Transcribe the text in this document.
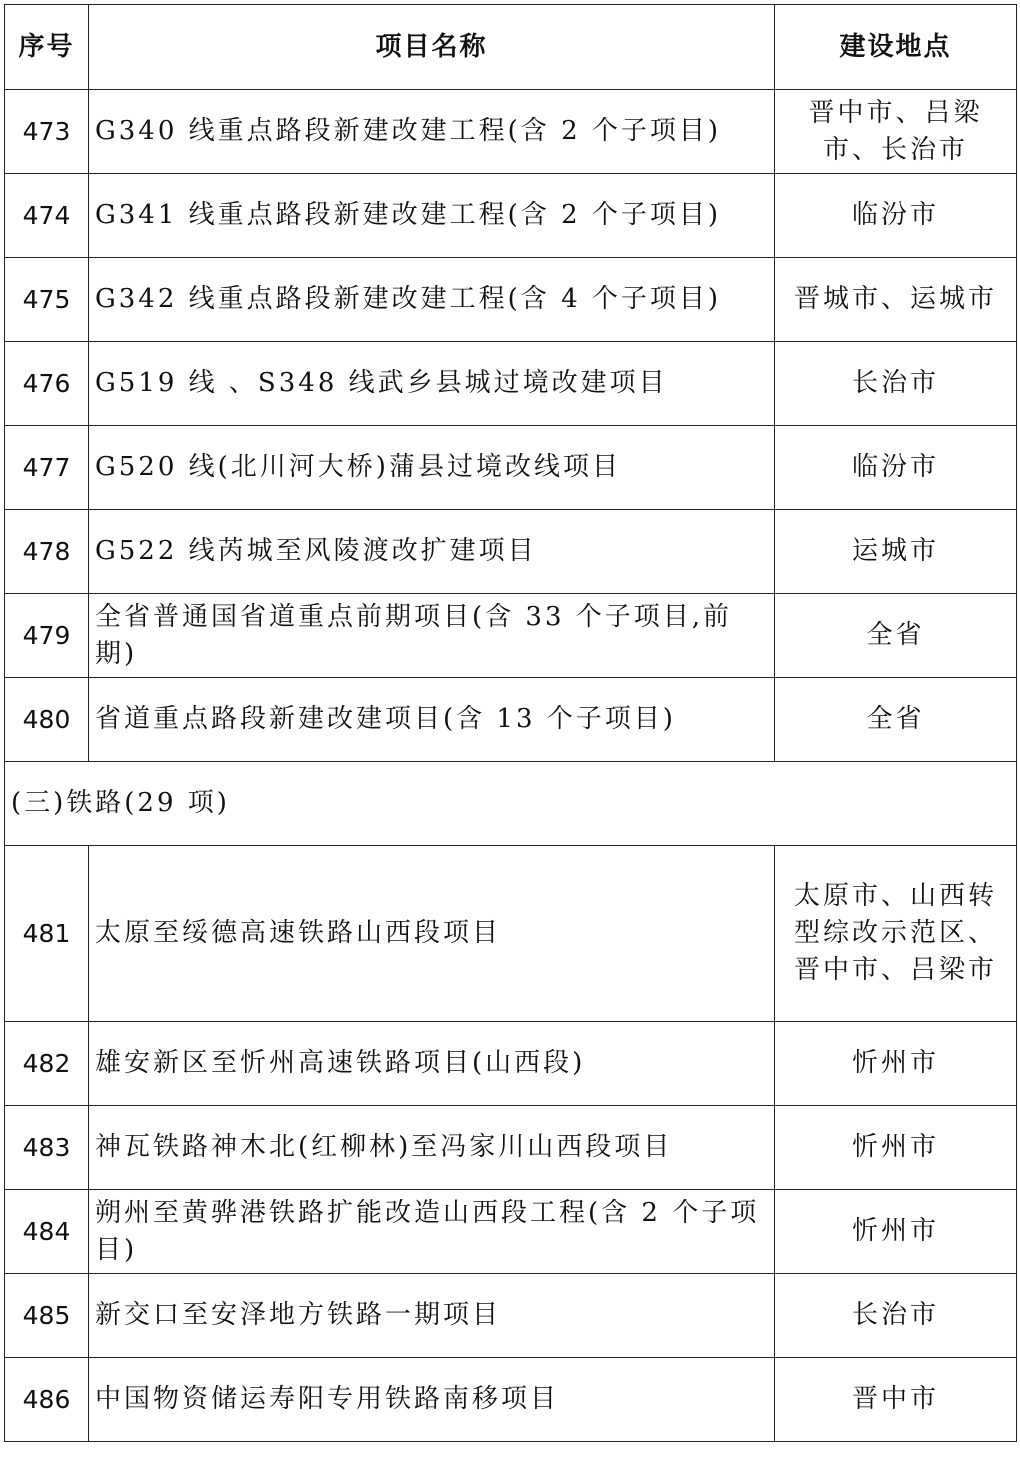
序号	项目名称	建设地点
473	G340 线重点路段新建改建工程(含 2 个子项目)	晋中市、吕梁市、长治市
474	G341 线重点路段新建改建工程(含 2 个子项目)	临汾市
475	G342 线重点路段新建改建工程(含 4 个子项目)	晋城市、运城市
476	G519 线 、S348 线武乡县城过境改建项目	长治市
477	G520 线(北川河大桥)蒲县过境改线项目	临汾市
478	G522 线芮城至风陵渡改扩建项目	运城市
479	全省普通国省道重点前期项目(含 33 个子项目,前期)	全省
480	省道重点路段新建改建项目(含 13 个子项目)	全省
(三)铁路(29 项)		
481	太原至绥德高速铁路山西段项目	太原市、山西转型综改示范区、晋中市、吕梁市
482	雄安新区至忻州高速铁路项目(山西段)	忻州市
483	神瓦铁路神木北(红柳林)至冯家川山西段项目	忻州市
484	朔州至黄骅港铁路扩能改造山西段工程(含 2 个子项目)	忻州市
485	新交口至安泽地方铁路一期项目	长治市
486	中国物资储运寿阳专用铁路南移项目	晋中市
